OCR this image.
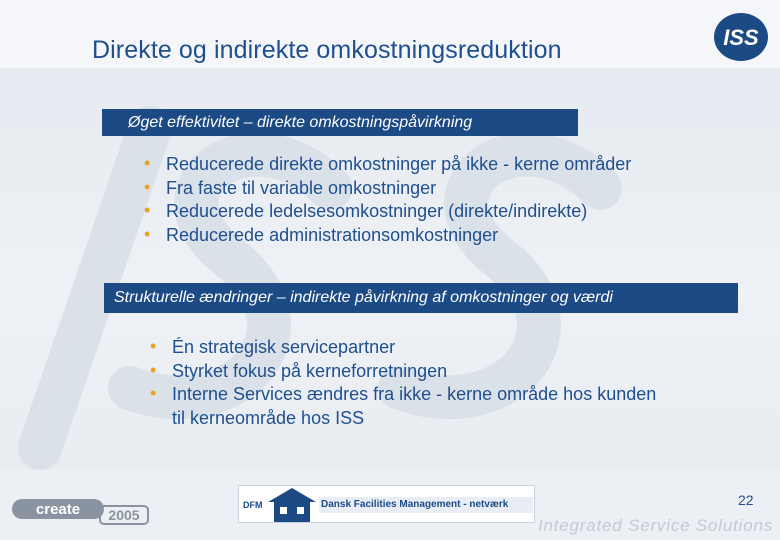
Direkte og indirekte omkostningsreduktion	ISS
Øget effektivitet – direkte omkostningspåvirkning
• Reducerede direkte omkostninger på ikke - kerne områder
• Fra faste til variable omkostninger
• Reducerede ledelsesomkostninger (direkte/indirekte)
• Reducerede administrationsomkostninger
Strukturelle ændringer – indirekte påvirkning af omkostninger og værdi
• Én strategisk servicepartner
• Styrket fokus på kerneforretningen
• Interne Services ændres fra ikke - kerne område hos kunden
til kerneområde hos ISS
create 2005
DFM	Dansk Facilities Management - netværk	22
Integrated Service Solutions
